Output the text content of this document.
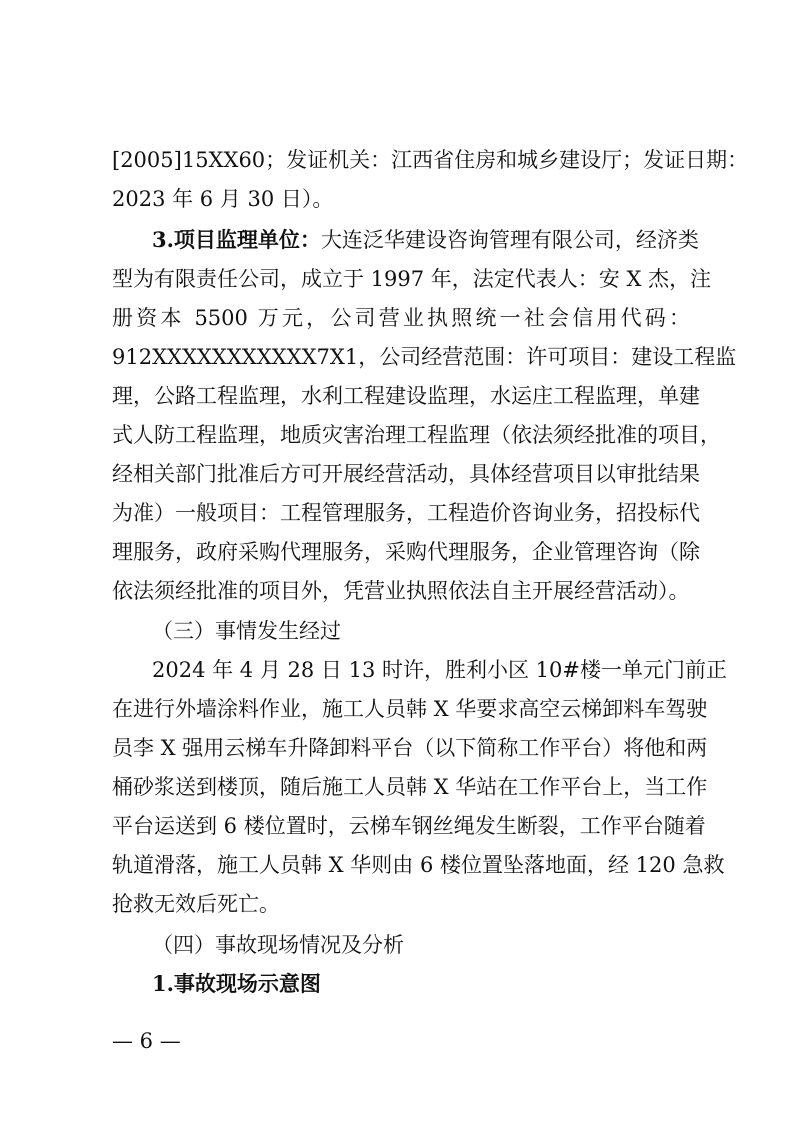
[2005]15XX60；发证机关：江西省住房和城乡建设厅；发证日期：
2023 年 6 月 30 日）。
3.项目监理单位：大连泛华建设咨询管理有限公司，经济类
型为有限责任公司，成立于 1997 年，法定代表人：安 X 杰，注
册资本 5500 万元，公司营业执照统一社会信用代码：
912XXXXXXXXXXX7X1，公司经营范围：许可项目：建设工程监
理，公路工程监理，水利工程建设监理，水运庄工程监理，单建
式人防工程监理，地质灾害治理工程监理（依法须经批准的项目，
经相关部门批准后方可开展经营活动，具体经营项目以审批结果
为准）一般项目：工程管理服务，工程造价咨询业务，招投标代
理服务，政府采购代理服务，采购代理服务，企业管理咨询（除
依法须经批准的项目外，凭营业执照依法自主开展经营活动）。
（三）事情发生经过
2024 年 4 月 28 日 13 时许，胜利小区 10#楼一单元门前正
在进行外墙涂料作业，施工人员韩 X 华要求高空云梯卸料车驾驶
员李 X 强用云梯车升降卸料平台（以下简称工作平台）将他和两
桶砂浆送到楼顶，随后施工人员韩 X 华站在工作平台上，当工作
平台运送到 6 楼位置时，云梯车钢丝绳发生断裂，工作平台随着
轨道滑落，施工人员韩 X 华则由 6 楼位置坠落地面，经 120 急救
抢救无效后死亡。
（四）事故现场情况及分析
1.事故现场示意图
— 6 —
